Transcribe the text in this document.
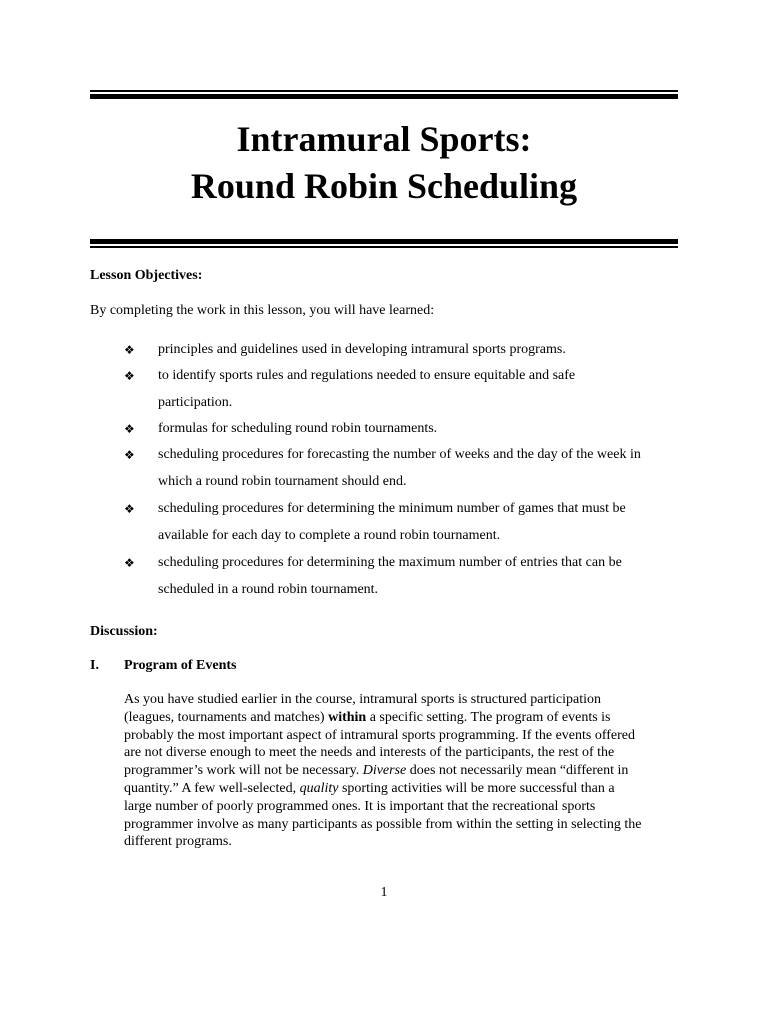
Intramural Sports:
Round Robin Scheduling
Lesson Objectives:
By completing the work in this lesson, you will have learned:
❖ principles and guidelines used in developing intramural sports programs.
❖ to identify sports rules and regulations needed to ensure equitable and safe
participation.
❖ formulas for scheduling round robin tournaments.
❖ scheduling procedures for forecasting the number of weeks and the day of the week in
which a round robin tournament should end.
❖ scheduling procedures for determining the minimum number of games that must be
available for each day to complete a round robin tournament.
❖ scheduling procedures for determining the maximum number of entries that can be
scheduled in a round robin tournament.
Discussion:
I. Program of Events
As you have studied earlier in the course, intramural sports is structured participation
(leagues, tournaments and matches) within a specific setting. The program of events is
probably the most important aspect of intramural sports programming. If the events offered
are not diverse enough to meet the needs and interests of the participants, the rest of the
programmer’s work will not be necessary. Diverse does not necessarily mean “different in
quantity.” A few well-selected, quality sporting activities will be more successful than a
large number of poorly programmed ones. It is important that the recreational sports
programmer involve as many participants as possible from within the setting in selecting the
different programs.
1
